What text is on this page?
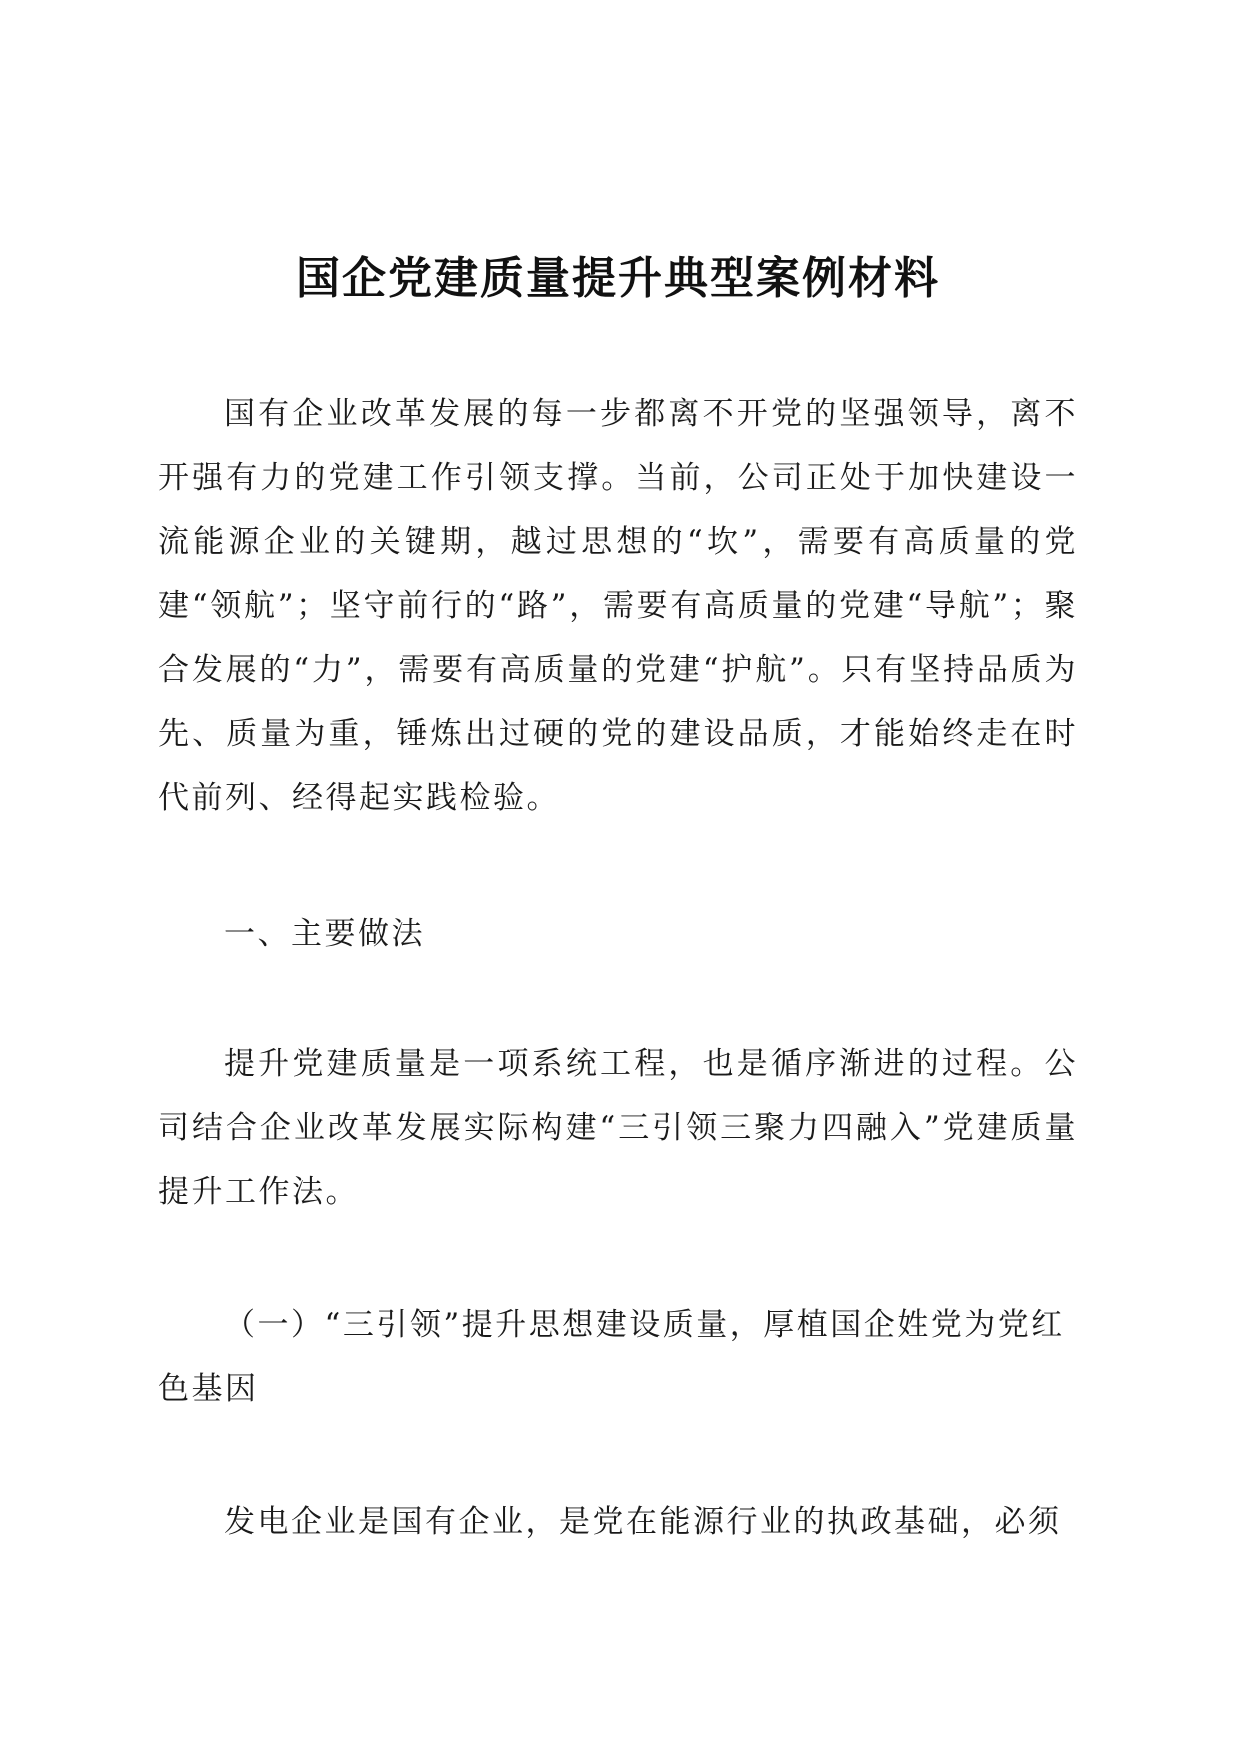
国企党建质量提升典型案例材料

国有企业改革发展的每一步都离不开党的坚强领导，离不开强有力的党建工作引领支撑。当前，公司正处于加快建设一流能源企业的关键期，越过思想的“坎”，需要有高质量的党建“领航”；坚守前行的“路”，需要有高质量的党建“导航”；聚合发展的“力”，需要有高质量的党建“护航”。只有坚持品质为先、质量为重，锤炼出过硬的党的建设品质，才能始终走在时代前列、经得起实践检验。

一、主要做法

提升党建质量是一项系统工程，也是循序渐进的过程。公司结合企业改革发展实际构建“三引领三聚力四融入”党建质量提升工作法。

（一）“三引领”提升思想建设质量，厚植国企姓党为党红色基因

发电企业是国有企业，是党在能源行业的执政基础，必须
